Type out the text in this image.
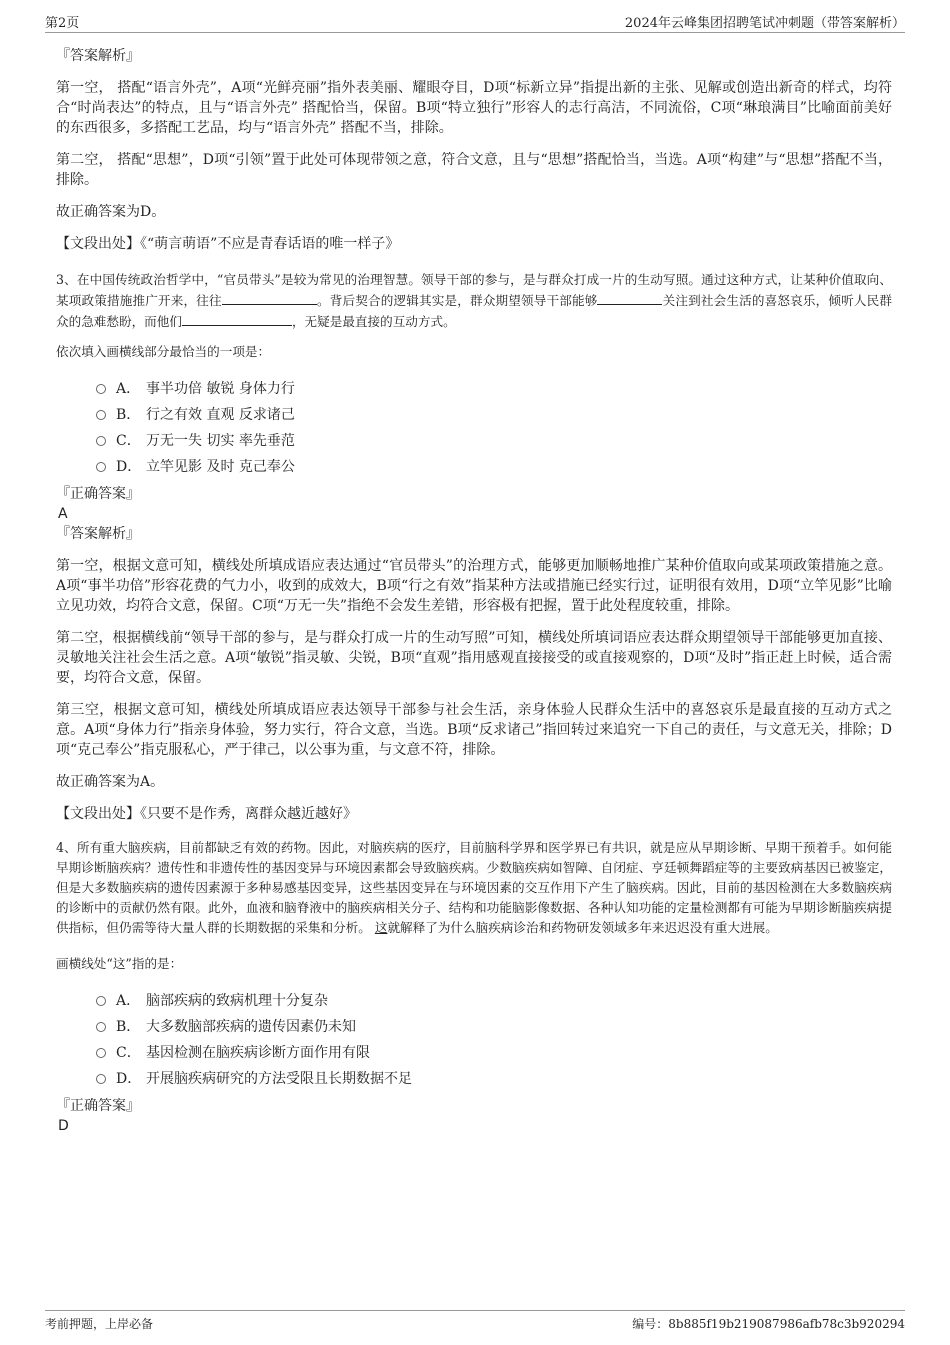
第2页	2024年云峰集团招聘笔试冲刺题（带答案解析）

『答案解析』

第一空， 搭配“语言外壳”，A项“光鲜亮丽”指外表美丽、耀眼夺目，D项“标新立异”指提出新的主张、见解或创造出新奇的样式，均符合“时尚表达”的特点，且与“语言外壳” 搭配恰当，保留。B项“特立独行”形容人的志行高洁，不同流俗，C项“琳琅满目”比喻面前美好的东西很多，多搭配工艺品，均与“语言外壳” 搭配不当，排除。

第二空， 搭配“思想”，D项“引领”置于此处可体现带领之意，符合文意，且与“思想”搭配恰当，当选。A项“构建”与“思想”搭配不当，排除。

故正确答案为D。

【文段出处】《“萌言萌语”不应是青春话语的唯一样子》

3、在中国传统政治哲学中，“官员带头”是较为常见的治理智慧。领导干部的参与，是与群众打成一片的生动写照。通过这种方式，让某种价值取向、某项政策措施推广开来，往往	。背后契合的逻辑其实是，群众期望领导干部能够	关注到社会生活的喜怒哀乐，倾听人民群众的急难愁盼，而他们	，无疑是最直接的互动方式。

依次填入画横线部分最恰当的一项是：

A． 事半功倍 敏锐 身体力行
B． 行之有效 直观 反求诸己
C． 万无一失 切实 率先垂范
D． 立竿见影 及时 克己奉公

『正确答案』

A

『答案解析』

第一空，根据文意可知，横线处所填成语应表达通过“官员带头”的治理方式，能够更加顺畅地推广某种价值取向或某项政策措施之意。A项“事半功倍”形容花费的气力小，收到的成效大，B项“行之有效”指某种方法或措施已经实行过，证明很有效用，D项“立竿见影”比喻立见功效，均符合文意，保留。C项“万无一失”指绝不会发生差错，形容极有把握，置于此处程度较重，排除。

第二空，根据横线前“领导干部的参与，是与群众打成一片的生动写照”可知，横线处所填词语应表达群众期望领导干部能够更加直接、灵敏地关注社会生活之意。A项“敏锐”指灵敏、尖锐，B项“直观”指用感观直接接受的或直接观察的，D项“及时”指正赶上时候，适合需要，均符合文意，保留。

第三空，根据文意可知，横线处所填成语应表达领导干部参与社会生活，亲身体验人民群众生活中的喜怒哀乐是最直接的互动方式之意。A项“身体力行”指亲身体验，努力实行，符合文意，当选。B项“反求诸己”指回转过来追究一下自己的责任，与文意无关，排除；D项“克己奉公”指克服私心，严于律己，以公事为重，与文意不符，排除。

故正确答案为A。

【文段出处】《只要不是作秀，离群众越近越好》

4、所有重大脑疾病，目前都缺乏有效的药物。因此，对脑疾病的医疗，目前脑科学界和医学界已有共识，就是应从早期诊断、早期干预着手。如何能早期诊断脑疾病？遗传性和非遗传性的基因变异与环境因素都会导致脑疾病。少数脑疾病如智障、自闭症、亨廷顿舞蹈症等的主要致病基因已被鉴定，但是大多数脑疾病的遗传因素源于多种易感基因变异，这些基因变异在与环境因素的交互作用下产生了脑疾病。因此，目前的基因检测在大多数脑疾病的诊断中的贡献仍然有限。此外，血液和脑脊液中的脑疾病相关分子、结构和功能脑影像数据、各种认知功能的定量检测都有可能为早期诊断脑疾病提供指标，但仍需等待大量人群的长期数据的采集和分析。 这就解释了为什么脑疾病诊治和药物研发领域多年来迟迟没有重大进展。

画横线处“这”指的是：

A． 脑部疾病的致病机理十分复杂
B． 大多数脑部疾病的遗传因素仍未知
C． 基因检测在脑疾病诊断方面作用有限
D． 开展脑疾病研究的方法受限且长期数据不足

『正确答案』

D

考前押题，上岸必备	编号：8b885f19b219087986afb78c3b920294
